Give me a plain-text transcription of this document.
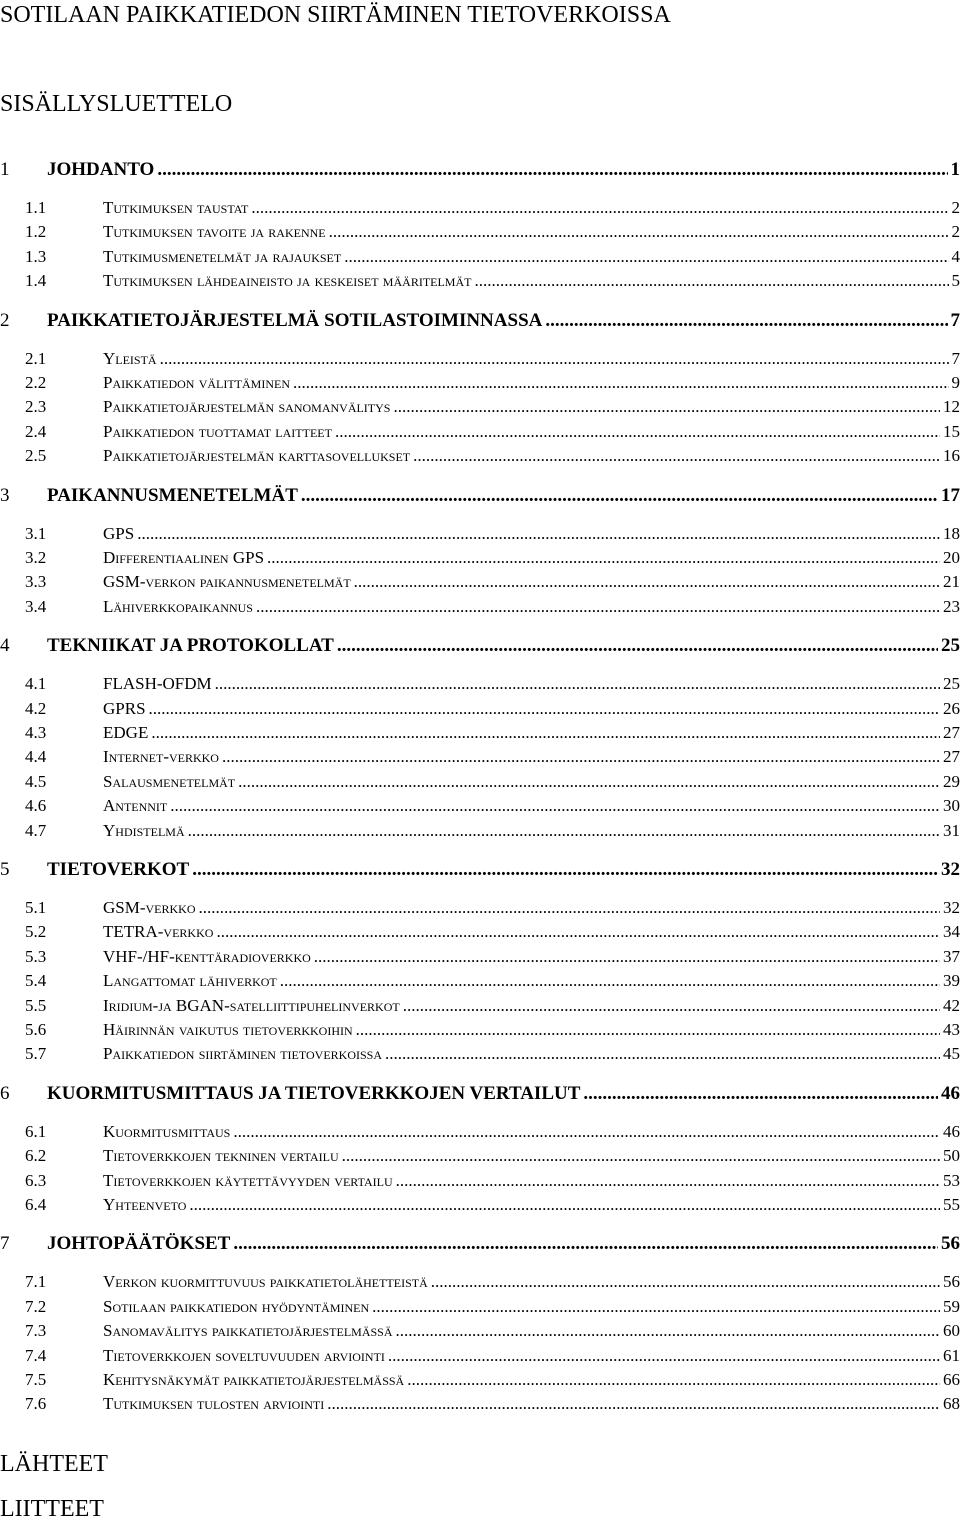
SOTILAAN PAIKKATIEDON SIIRTÄMINEN TIETOVERKOISSA
SISÄLLYSLUETTELO
1	JOHDANTO .....	1
1.1	Tutkimuksen taustat .....	2
1.2	Tutkimuksen tavoite ja rakenne .....	2
1.3	Tutkimusmenetelmät ja rajaukset .....	4
1.4	Tutkimuksen lähdeaineisto ja keskeiset määritelmät .....	5
2	PAIKKATIETOJÄRJESTELMÄ SOTILASTOIMINNASSA .....	7
2.1	Yleistä .....	7
2.2	Paikkatiedon välittäminen .....	9
2.3	Paikkatietojärjestelmän sanomanvälitys .....	12
2.4	Paikkatiedon tuottamat laitteet .....	15
2.5	Paikkatietojärjestelmän karttasovellukset .....	16
3	PAIKANNUSMENETELMÄT .....	17
3.1	GPS .....	18
3.2	Differentiaalinen GPS .....	20
3.3	GSM-verkon paikannusmenetelmät .....	21
3.4	Lähiverkkopaikannus .....	23
4	TEKNIIKAT JA PROTOKOLLAT .....	25
4.1	FLASH-OFDM .....	25
4.2	GPRS .....	26
4.3	EDGE .....	27
4.4	Internet-verkko .....	27
4.5	Salausmenetelmät .....	29
4.6	Antennit .....	30
4.7	Yhdistelmä .....	31
5	TIETOVERKOT .....	32
5.1	GSM-verkko .....	32
5.2	TETRA-verkko .....	34
5.3	VHF-/HF-kenttäradioverkko .....	37
5.4	Langattomat lähiverkot .....	39
5.5	Iridium-ja BGAN-satelliittipuhelinverkot .....	42
5.6	Häirinnän vaikutus tietoverkkoihin .....	43
5.7	Paikkatiedon siirtäminen tietoverkoissa .....	45
6	KUORMITUSMITTAUS JA TIETOVERKKOJEN VERTAILUT .....	46
6.1	Kuormitusmittaus .....	46
6.2	Tietoverkkojen tekninen vertailu .....	50
6.3	Tietoverkkojen käytettävyyden vertailu .....	53
6.4	Yhteenveto .....	55
7	JOHTOPÄÄTÖKSET .....	56
7.1	Verkon kuormittuvuus paikkatietolähetteistä .....	56
7.2	Sotilaan paikkatiedon hyödyntäminen .....	59
7.3	Sanomavälitys paikkatietojärjestelmässä .....	60
7.4	Tietoverkkojen soveltuvuuden arviointi .....	61
7.5	Kehitysnäkymät paikkatietojärjestelmässä .....	66
7.6	Tutkimuksen tulosten arviointi .....	68
LÄHTEET
LIITTEET
